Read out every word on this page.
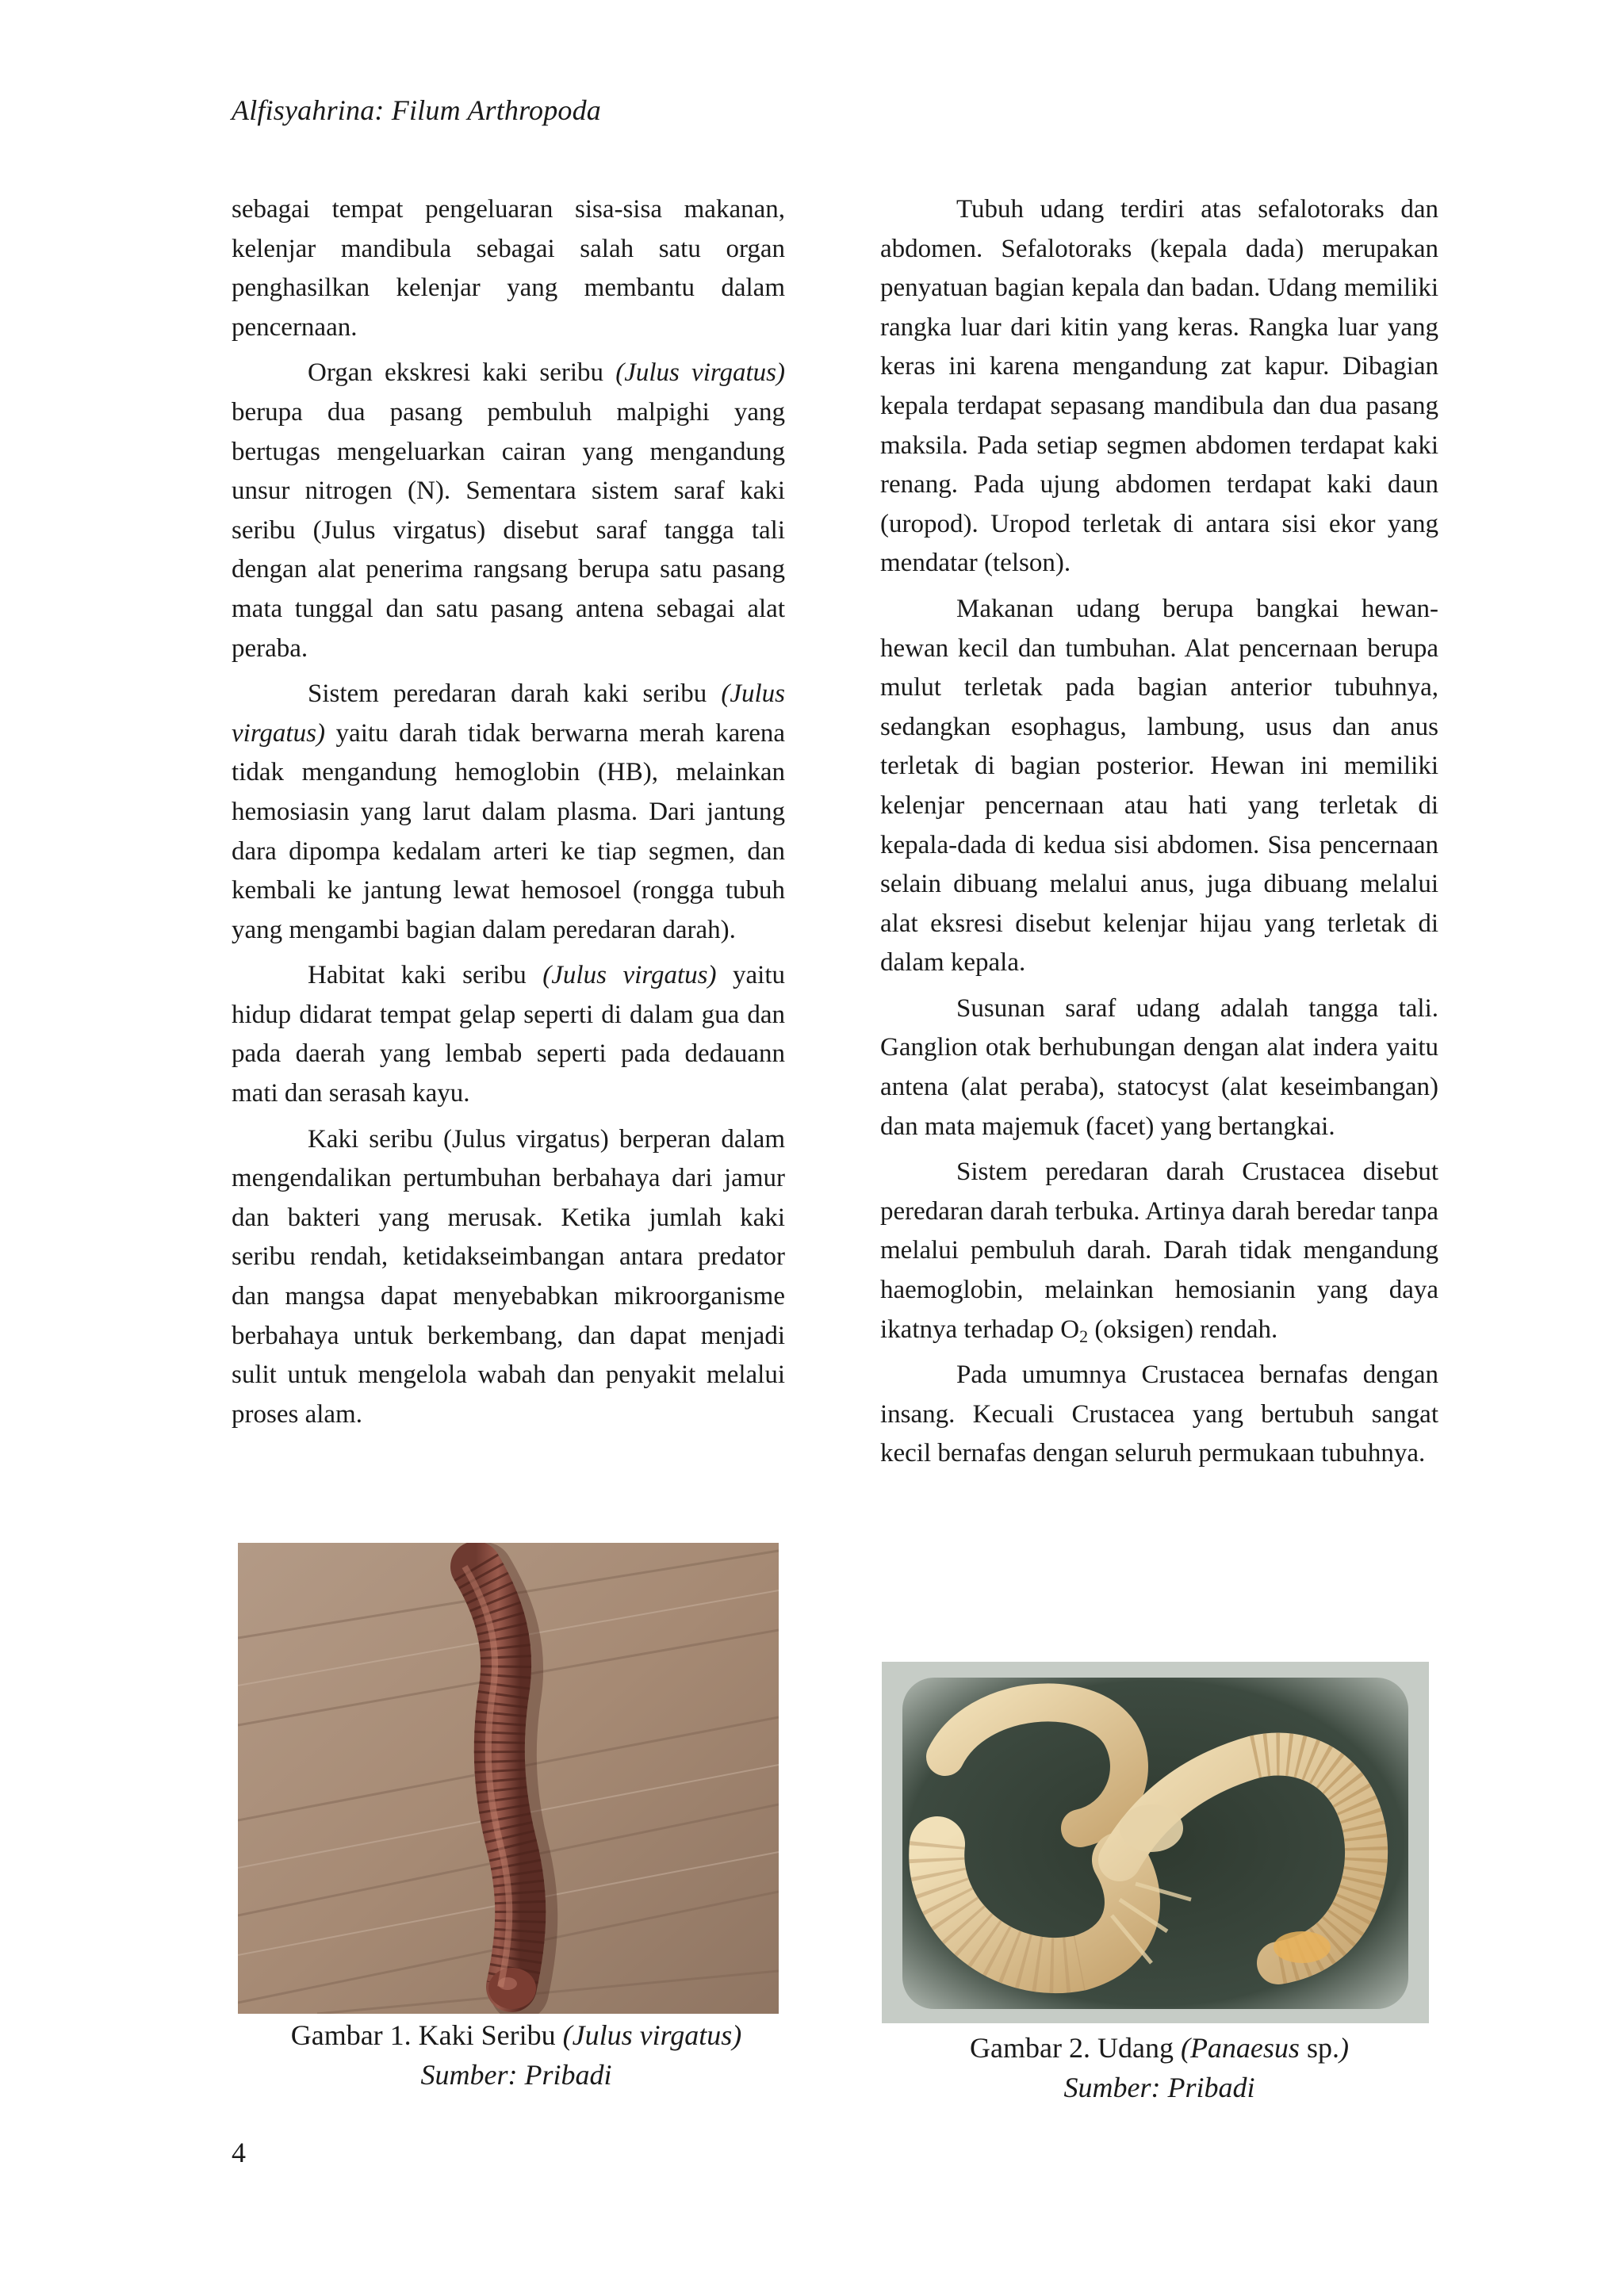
Alfisyahrina: Filum Arthropoda

sebagai tempat pengeluaran sisa-sisa makanan, kelenjar mandibula sebagai salah satu organ penghasilkan kelenjar yang membantu dalam pencernaan.

Organ ekskresi kaki seribu (Julus virgatus) berupa dua pasang pembuluh malpighi yang bertugas mengeluarkan cairan yang mengandung unsur nitrogen (N). Sementara sistem saraf kaki seribu (Julus virgatus) disebut saraf tangga tali dengan alat penerima rangsang berupa satu pasang mata tunggal dan satu pasang antena sebagai alat peraba.

Sistem peredaran darah kaki seribu (Julus virgatus) yaitu darah tidak berwarna merah karena tidak mengandung hemoglobin (HB), melainkan hemosiasin yang larut dalam plasma. Dari jantung dara dipompa kedalam arteri ke tiap segmen, dan kembali ke jantung lewat hemosoel (rongga tubuh yang mengambi bagian dalam peredaran darah).

Habitat kaki seribu (Julus virgatus) yaitu hidup didarat tempat gelap seperti di dalam gua dan pada daerah yang lembab seperti pada dedauann mati dan serasah kayu.

Kaki seribu (Julus virgatus) berperan dalam mengendalikan pertumbuhan berbahaya dari jamur dan bakteri yang merusak. Ketika jumlah kaki seribu rendah, ketidakseimbangan antara predator dan mangsa dapat menyebabkan mikroorganisme berbahaya untuk berkembang, dan dapat menjadi sulit untuk mengelola wabah dan penyakit melalui proses alam.

Tubuh udang terdiri atas sefalotoraks dan abdomen. Sefalotoraks (kepala dada) merupakan penyatuan bagian kepala dan badan. Udang memiliki rangka luar dari kitin yang keras. Rangka luar yang keras ini karena mengandung zat kapur. Dibagian kepala terdapat sepasang mandibula dan dua pasang maksila. Pada setiap segmen abdomen terdapat kaki renang. Pada ujung abdomen terdapat kaki daun (uropod). Uropod terletak di antara sisi ekor yang mendatar (telson).

Makanan udang berupa bangkai hewan-hewan kecil dan tumbuhan. Alat pencernaan berupa mulut terletak pada bagian anterior tubuhnya, sedangkan esophagus, lambung, usus dan anus terletak di bagian posterior. Hewan ini memiliki kelenjar pencernaan atau hati yang terletak di kepala-dada di kedua sisi abdomen. Sisa pencernaan selain dibuang melalui anus, juga dibuang melalui alat eksresi disebut kelenjar hijau yang terletak di dalam kepala.

Susunan saraf udang adalah tangga tali. Ganglion otak berhubungan dengan alat indera yaitu antena (alat peraba), statocyst (alat keseimbangan) dan mata majemuk (facet) yang bertangkai.

Sistem peredaran darah Crustacea disebut peredaran darah terbuka. Artinya darah beredar tanpa melalui pembuluh darah. Darah tidak mengandung haemoglobin, melainkan hemosianin yang daya ikatnya terhadap $O_2$ (oksigen) rendah.

Pada umumnya Crustacea bernafas dengan insang. Kecuali Crustacea yang bertubuh sangat kecil bernafas dengan seluruh permukaan tubuhnya.

Gambar 1. Kaki Seribu (Julus virgatus)
Sumber: Pribadi
Gambar 2. Udang (Panaesus sp.)
Sumber: Pribadi
4
